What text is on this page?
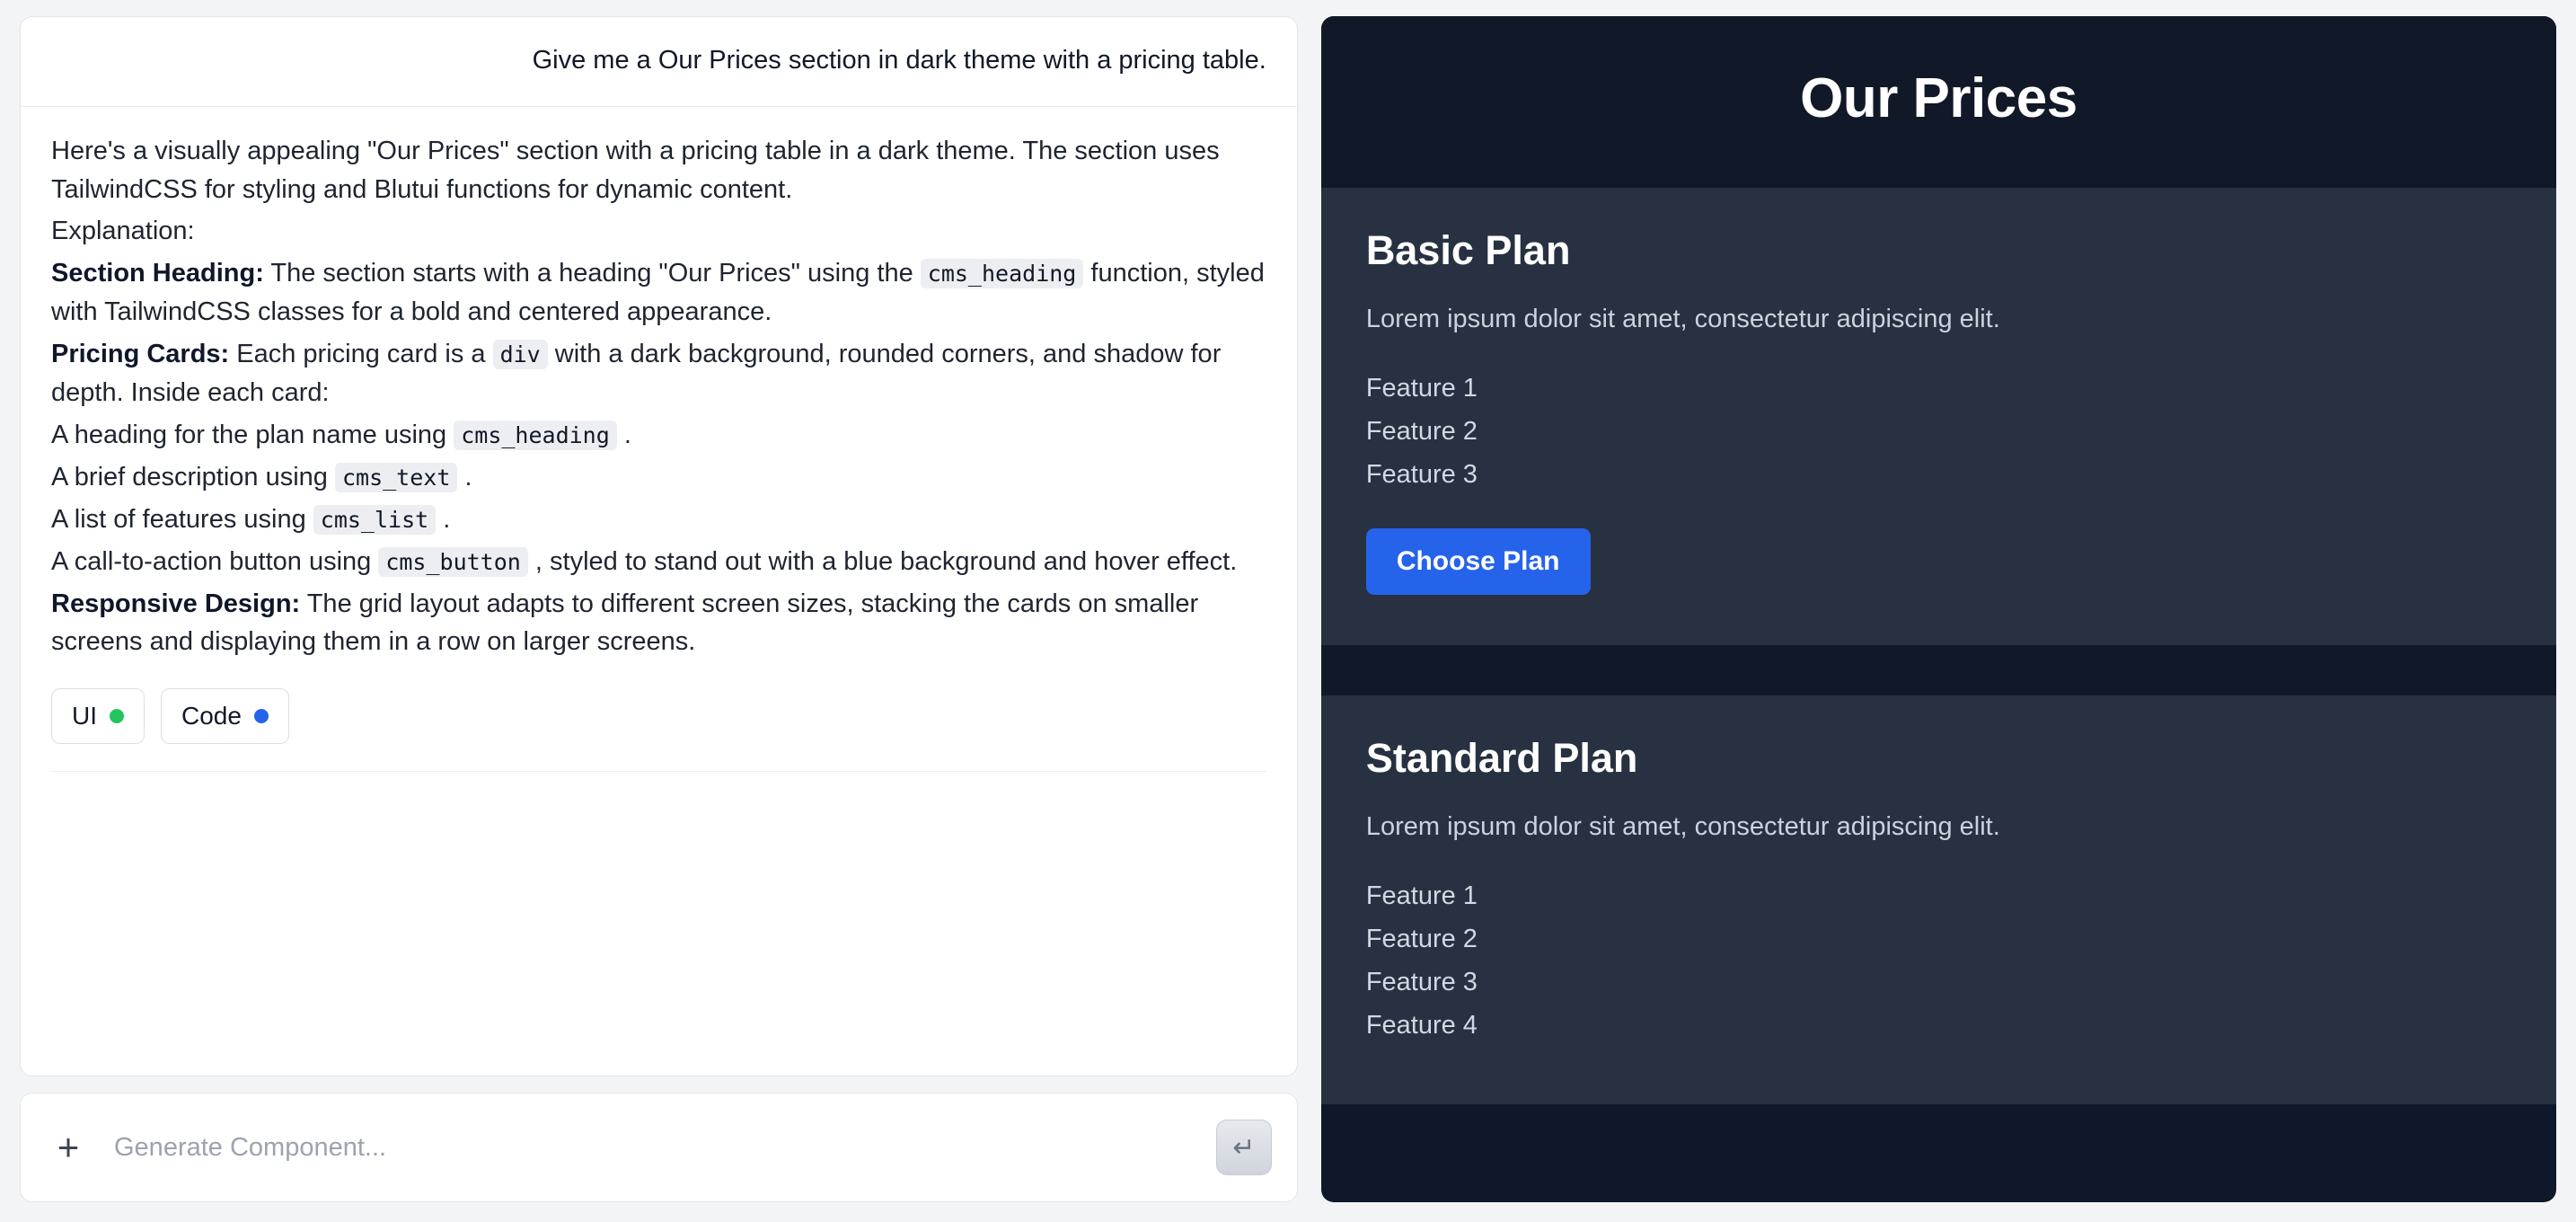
Give me a Our Prices section in dark theme with a pricing table.

Here's a visually appealing "Our Prices" section with a pricing table in a dark theme. The section uses TailwindCSS for styling and Blutui functions for dynamic content.

Explanation:

Section Heading: The section starts with a heading "Our Prices" using the cms_heading function, styled with TailwindCSS classes for a bold and centered appearance.

Pricing Cards: Each pricing card is a div with a dark background, rounded corners, and shadow for depth. Inside each card:

A heading for the plan name using cms_heading .

A brief description using cms_text .

A list of features using cms_list .

A call-to-action button using cms_button , styled to stand out with a blue background and hover effect.

Responsive Design: The grid layout adapts to different screen sizes, stacking the cards on smaller screens and displaying them in a row on larger screens.

UI	Code
+
Generate Component...	↵
Our Prices
Basic Plan
Lorem ipsum dolor sit amet, consectetur adipiscing elit.
Feature 1
Feature 2
Feature 3
Choose Plan
Standard Plan
Lorem ipsum dolor sit amet, consectetur adipiscing elit.
Feature 1
Feature 2
Feature 3
Feature 4
